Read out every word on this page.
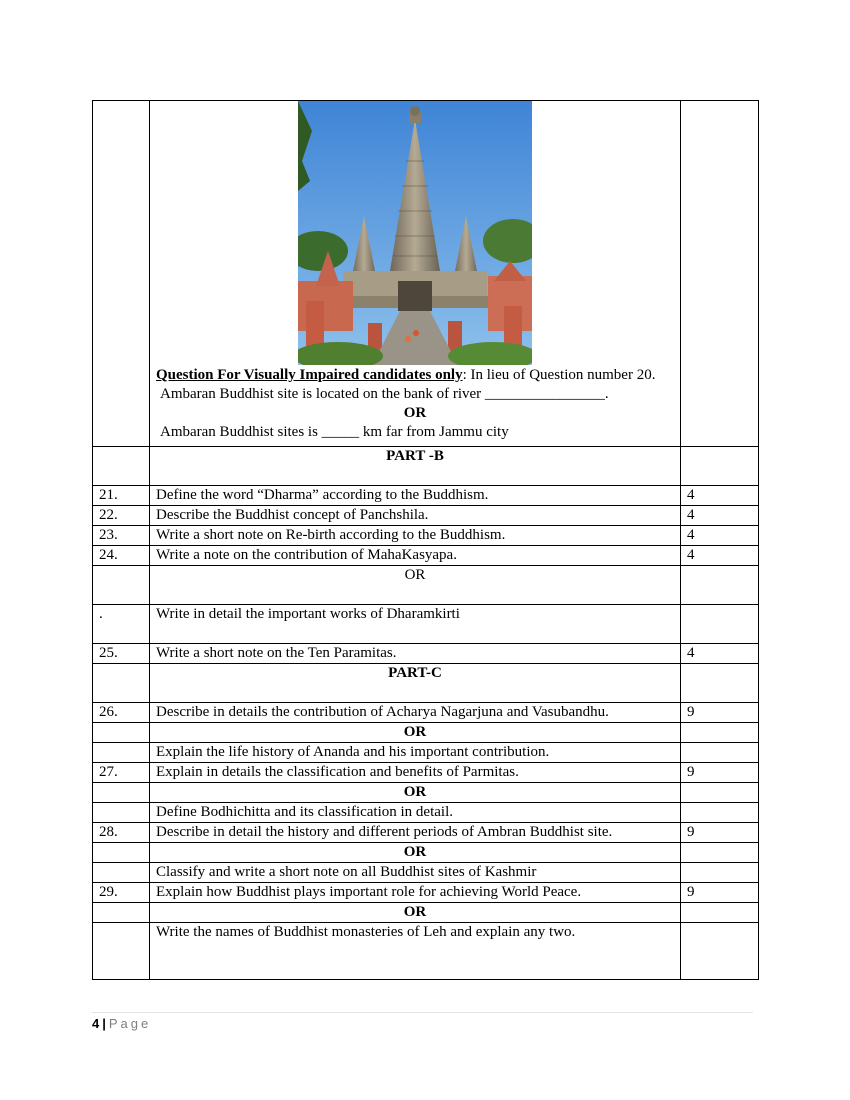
	Question For Visually Impaired candidates only: In lieu of Question number 20.
Ambaran Buddhist site is located on the bank of river ________________.
OR
Ambaran Buddhist sites is _____ km far from Jammu city	

	PART -B	
21.	Define the word “Dharma” according to the Buddhism.	4
22.	Describe the Buddhist concept of Panchshila.	4
23.	Write a short note on Re-birth according to the Buddhism.	4
24.	Write a note on the contribution of MahaKasyapa.	4
	OR	
.	Write in detail the important works of Dharamkirti	
25.	Write a short note on the Ten Paramitas.	4
	PART-C	
26.	Describe in details the contribution of Acharya Nagarjuna and Vasubandhu.	9
	OR	
	Explain the life history of Ananda and his important contribution.	
27.	Explain in details the classification and benefits of Parmitas.	9
	OR	
	Define Bodhichitta and its classification in detail.	
28.	Describe in detail the history and different periods of Ambran Buddhist site.	9
	OR	
	Classify and write a short note on all Buddhist sites of Kashmir	
29.	Explain how Buddhist plays important role for achieving World Peace.	9
	OR	
	Write the names of Buddhist monasteries of Leh and explain any two.	
4 | Page
